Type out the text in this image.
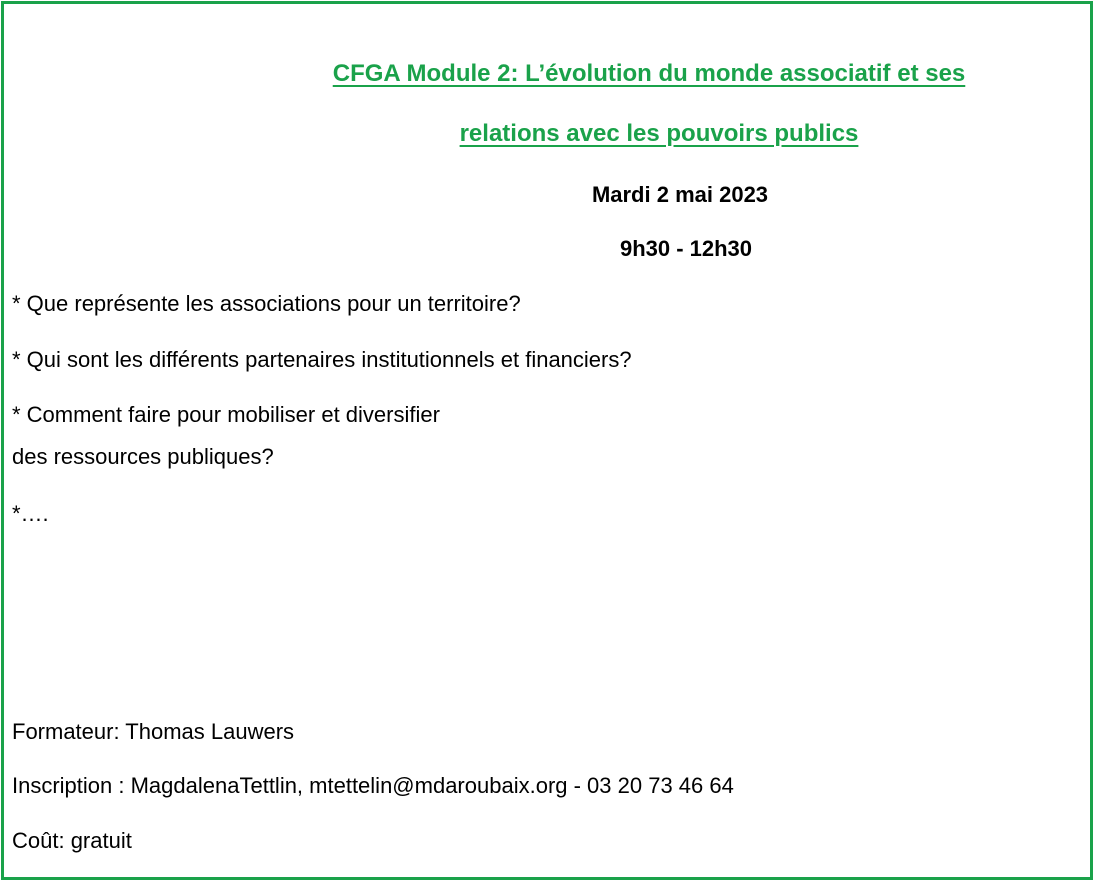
CFGA Module 2: L’évolution du monde associatif et ses
relations avec les pouvoirs publics
Mardi 2 mai 2023
9h30 - 12h30
* Que représente les associations pour un territoire?
* Qui sont les différents partenaires institutionnels et financiers?
* Comment faire pour mobiliser et diversifier
des ressources publiques?
*….
Formateur: Thomas Lauwers
Inscription : MagdalenaTettlin, mtettelin@mdaroubaix.org - 03 20 73 46 64
Coût: gratuit
